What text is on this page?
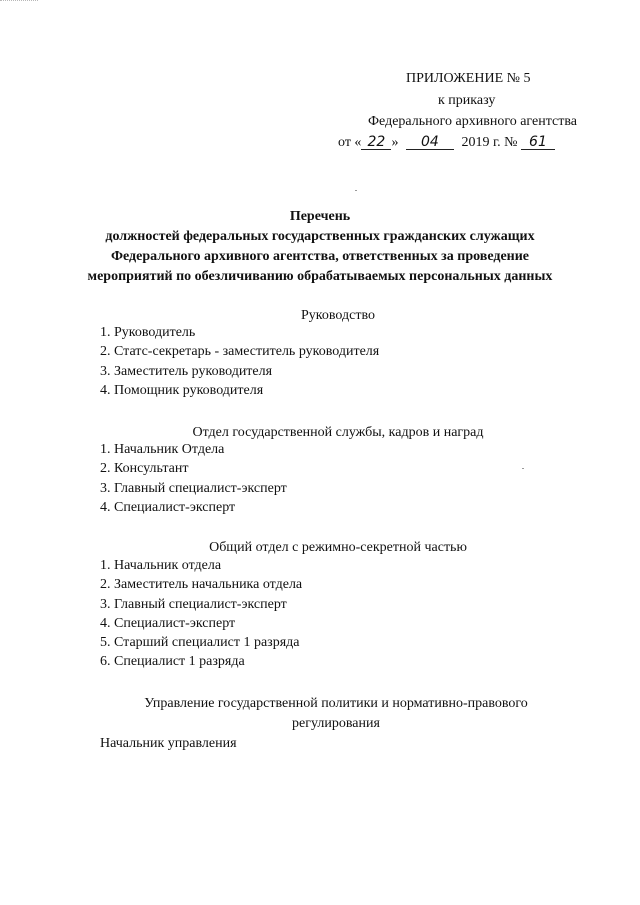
ПРИЛОЖЕНИЕ № 5
к приказу
Федерального архивного агентства
от « 22 » 04 2019 г. № 61
Перечень
должностей федеральных государственных гражданских служащих
Федерального архивного агентства, ответственных за проведение
мероприятий по обезличиванию обрабатываемых персональных данных
Руководство
1. Руководитель
2. Статс-секретарь - заместитель руководителя
3. Заместитель руководителя
4. Помощник руководителя
Отдел государственной службы, кадров и наград
1. Начальник Отдела
2. Консультант
3. Главный специалист-эксперт
4. Специалист-эксперт
Общий отдел с режимно-секретной частью
1. Начальник отдела
2. Заместитель начальника отдела
3. Главный специалист-эксперт
4. Специалист-эксперт
5. Старший специалист 1 разряда
6. Специалист 1 разряда
Управление государственной политики и нормативно-правового
регулирования
Начальник управления
